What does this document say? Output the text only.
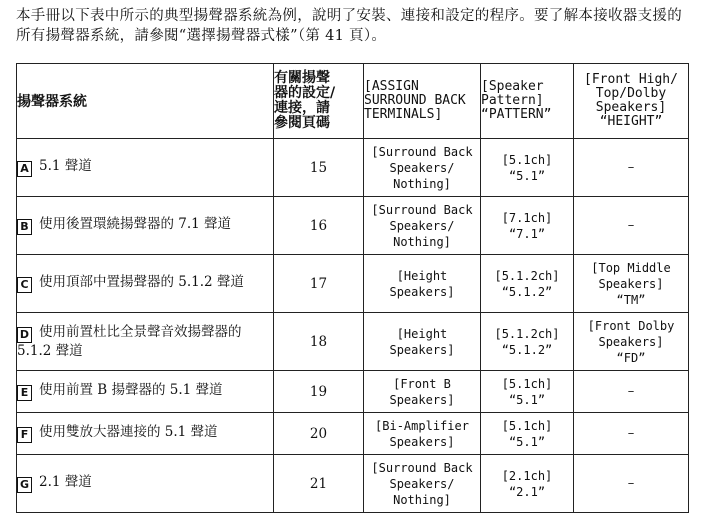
本手冊以下表中所示的典型揚聲器系統為例，說明了安裝、連接和設定的程序。要了解本接收器支援的所有揚聲器系統，請參閱“選擇揚聲器式樣”（第 41 頁）。

揚聲器系統	有關揚聲
器的設定/
連接，請
參閱頁碼	[ASSIGN
SURROUND BACK
TERMINALS]	[Speaker
Pattern]
“PATTERN”	[Front High/
Top/Dolby
Speakers]
“HEIGHT”
A 5.1 聲道	15	[Surround Back
Speakers/
Nothing]	[5.1ch]
“5.1”	–
B 使用後置環繞揚聲器的 7.1 聲道	16	[Surround Back
Speakers/
Nothing]	[7.1ch]
“7.1”	–
C 使用頂部中置揚聲器的 5.1.2 聲道	17	[Height
Speakers]	[5.1.2ch]
“5.1.2”	[Top Middle
Speakers]
“TM”
D 使用前置杜比全景聲音效揚聲器的
5.1.2 聲道	18	[Height
Speakers]	[5.1.2ch]
“5.1.2”	[Front Dolby
Speakers]
“FD”
E 使用前置 B 揚聲器的 5.1 聲道	19	[Front B
Speakers]	[5.1ch]
“5.1”	–
F 使用雙放大器連接的 5.1 聲道	20	[Bi-Amplifier
Speakers]	[5.1ch]
“5.1”	–
G 2.1 聲道	21	[Surround Back
Speakers/
Nothing]	[2.1ch]
“2.1”	–
